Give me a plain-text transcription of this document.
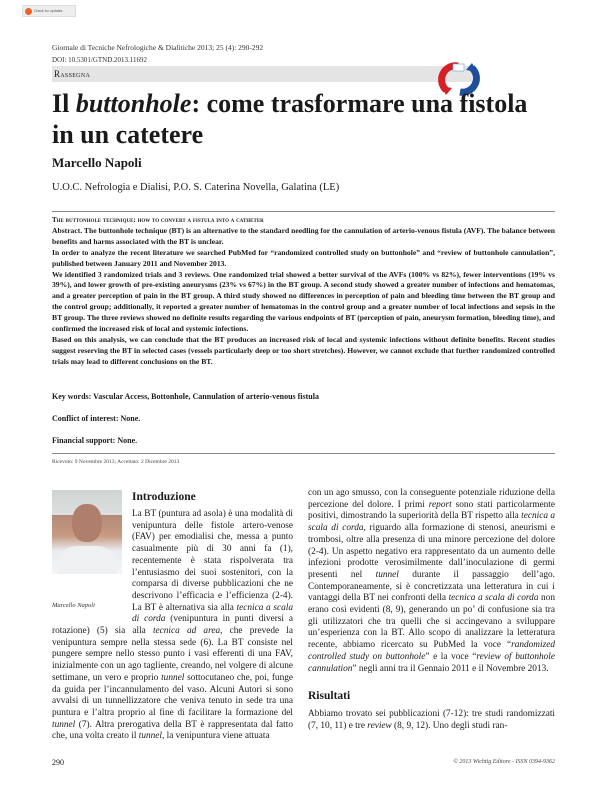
Check for updates
Giornale di Tecniche Nefrologiche & Dialitiche 2013; 25 (4): 290-292
DOI: 10.5301/GTND.2013.11692
Rassegna
Il buttonhole: come trasformare una fistola in un catetere
Marcello Napoli
U.O.C. Nefrologia e Dialisi, P.O. S. Caterina Novella, Galatina (LE)
The buttonhole technique: how to convert a fistula into a catheter
Abstract. The buttonhole technique (BT) is an alternative to the standard needling for the cannulation of arterio-venous fistula (AVF). The balance between benefits and harms associated with the BT is unclear.
In order to analyze the recent literature we searched PubMed for “randomized controlled study on buttonhole” and “review of buttonhole cannulation”, published between January 2011 and November 2013.
We identified 3 randomized trials and 3 reviews. One randomized trial showed a better survival of the AVFs (100% vs 82%), fewer interventions (19% vs 39%), and lower growth of pre-existing aneurysms (23% vs 67%) in the BT group. A second study showed a greater number of infections and hematomas, and a greater perception of pain in the BT group. A third study showed no differences in perception of pain and bleeding time between the BT group and the control group; additionally, it reported a greater number of hematomas in the control group and a greater number of local infections and sepsis in the BT group. The three reviews showed no definite results regarding the various endpoints of BT (perception of pain, aneurysm formation, bleeding time), and confirmed the increased risk of local and systemic infections.
Based on this analysis, we can conclude that the BT produces an increased risk of local and systemic infections without definite benefits. Recent studies suggest reserving the BT in selected cases (vessels particularly deep or too short stretches). However, we cannot exclude that further randomized controlled trials may lead to different conclusions on the BT.
Key words: Vascular Access, Bottonhole, Cannulation of arterio-venous fistula
Conflict of interest: None.
Financial support: None.
Ricevuto: 9 Novembre 2013; Accettato: 2 Dicembre 2013
Marcello Napoli
Introduzione

La BT (puntura ad asola) è una modalità di venipuntura delle fistole artero-venose (FAV) per emodialisi che, messa a punto casualmente più di 30 anni fa (1), recentemente è stata rispolverata tra l’entusiasmo dei suoi sostenitori, con la comparsa di diverse pubblicazioni che ne descrivono l’efficacia e l’efficienza (2-4). La BT è alternativa sia alla tecnica a scala di corda (venipuntura in punti diversi a rotazione) (5) sia alla tecnica ad area, che prevede la venipuntura sempre nella stessa sede (6). La BT consiste nel pungere sempre nello stesso punto i vasi efferenti di una FAV, inizialmente con un ago tagliente, creando, nel volgere di alcune settimane, un vero e proprio tunnel sottocutaneo che, poi, funge da guida per l’incannulamento del vaso. Alcuni Autori si sono avvalsi di un tunnellizzatore che veniva tenuto in sede tra una puntura e l’altra proprio al fine di facilitare la formazione del tunnel (7). Altra prerogativa della BT è rappresentata dal fatto che, una volta creato il tunnel, la venipuntura viene attuata

con un ago smusso, con la conseguente potenziale riduzione della percezione del dolore. I primi report sono stati particolarmente positivi, dimostrando la superiorità della BT rispetto alla tecnica a scala di corda, riguardo alla formazione di stenosi, aneurismi e trombosi, oltre alla presenza di una minore percezione del dolore (2-4). Un aspetto negativo era rappresentato da un aumento delle infezioni prodotte verosimilmente dall’inoculazione di germi presenti nel tunnel durante il passaggio dell’ago. Contemporaneamente, si è concretizzata una letteratura in cui i vantaggi della BT nei confronti della tecnica a scala di corda non erano così evidenti (8, 9), generando un po’ di confusione sia tra gli utilizzatori che tra quelli che si accingevano a sviluppare un’esperienza con la BT. Allo scopo di analizzare la letteratura recente, abbiamo ricercato su PubMed la voce “randomized controlled study on buttonhole” e la voce “review of buttonhole cannulation” negli anni tra il Gennaio 2011 e il Novembre 2013.

Risultati

Abbiamo trovato sei pubblicazioni (7-12): tre studi randomizzati (7, 10, 11) e tre review (8, 9, 12). Uno degli studi ran-

290	© 2013 Wichtig Editore - ISSN 0394-9362
